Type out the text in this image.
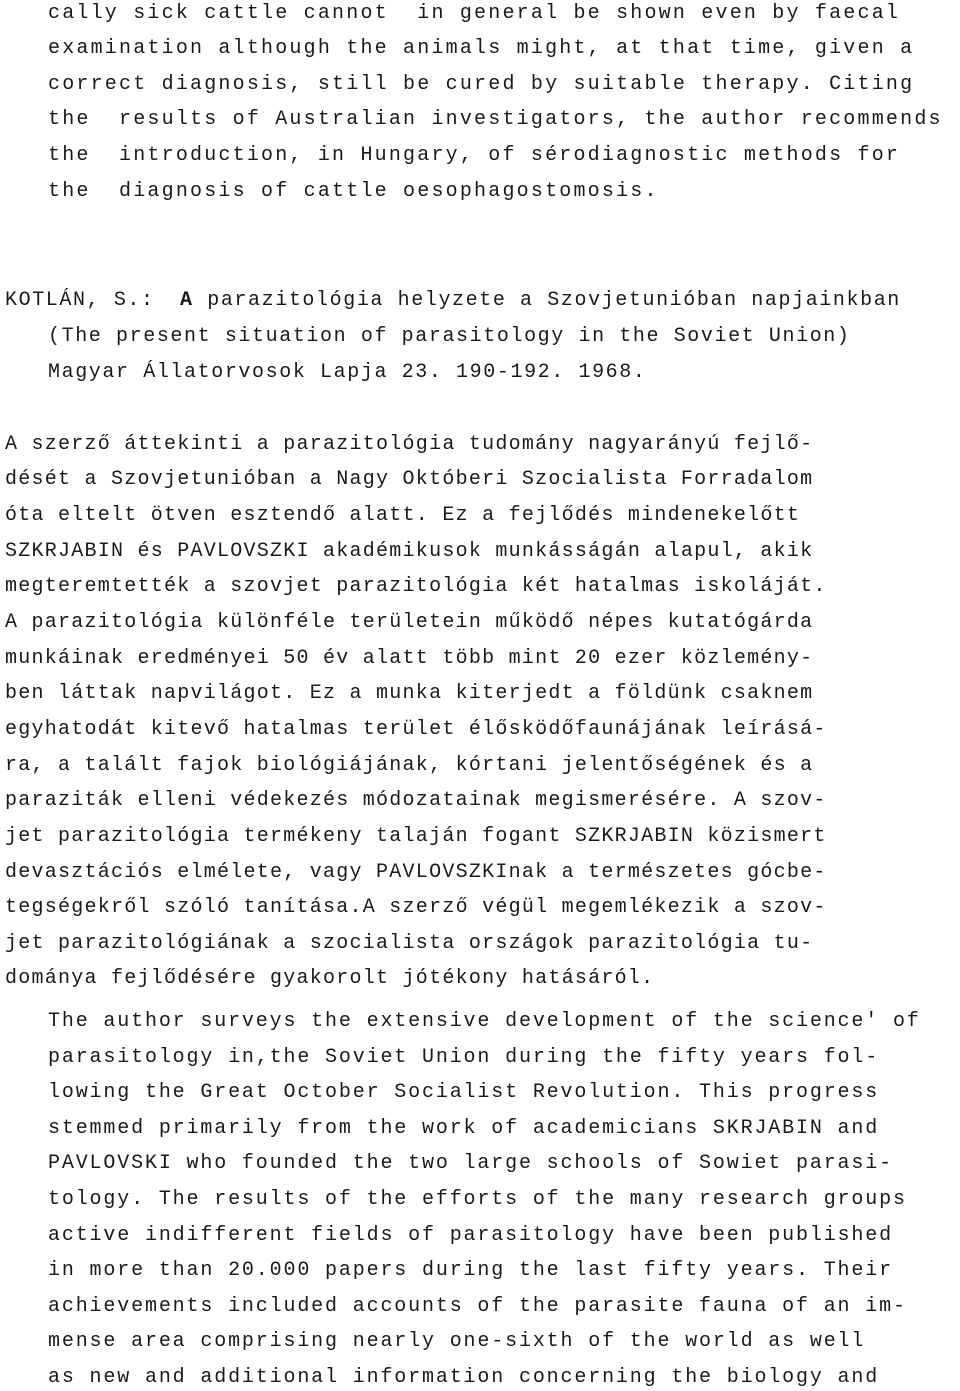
cally sick cattle cannot  in general be shown even by faecal
examination although the animals might, at that time, given a
correct diagnosis, still be cured by suitable therapy. Citing
the  results of Australian investigators, the author recommends
the  introduction, in Hungary, of sérodiagnostic methods for
the  diagnosis of cattle oesophagostomosis.
KOTLÁN, S.: A parazitológia helyzete a Szovjetunióban napjainkban
(The present situation of parasitology in the Soviet Union)
Magyar Állatorvosok Lapja 23. 190-192. 1968.
A szerző áttekinti a parazitológia tudomány nagyarányú fejlő-
dését a Szovjetunióban a Nagy Októberi Szocialista Forradalom
óta eltelt ötven esztendő alatt. Ez a fejlődés mindenekelőtt
SZKRJABIN és PAVLOVSZKI akadémikusok munkásságán alapul, akik
megteremtették a szovjet parazitológia két hatalmas iskoláját.
A parazitológia különféle területein működő népes kutatógárda
munkáinak eredményei 50 év alatt több mint 20 ezer közlemény-
ben láttak napvilágot. Ez a munka kiterjedt a földünk csaknem
egyhatodát kitevő hatalmas terület élősködőfaunájának leírásá-
ra, a talált fajok biológiájának, kórtani jelentőségének és a
paraziták elleni védekezés módozatainak megismerésére. A szov-
jet parazitológia termékeny talaján fogant SZKRJABIN közismert
devasztációs elmélete, vagy PAVLOVSZKInak a természetes gócbe-
tegségekről szóló tanítása.A szerző végül megemlékezik a szov-
jet parazitológiának a szocialista országok parazitológia tu-
dománya fejlődésére gyakorolt jótékony hatásáról.
The author surveys the extensive development of the science' of
parasitology in,the Soviet Union during the fifty years fol-
lowing the Great October Socialist Revolution. This progress
stemmed primarily from the work of academicians SKRJABIN and
PAVLOVSKI who founded the two large schools of Sowiet parasi-
tology. The results of the efforts of the many research groups
active indifferent fields of parasitology have been published
in more than 20.000 papers during the last fifty years. Their
achievements included accounts of the parasite fauna of an im-
mense area comprising nearly one-sixth of the world as well
as new and additional information concerning the biology and
